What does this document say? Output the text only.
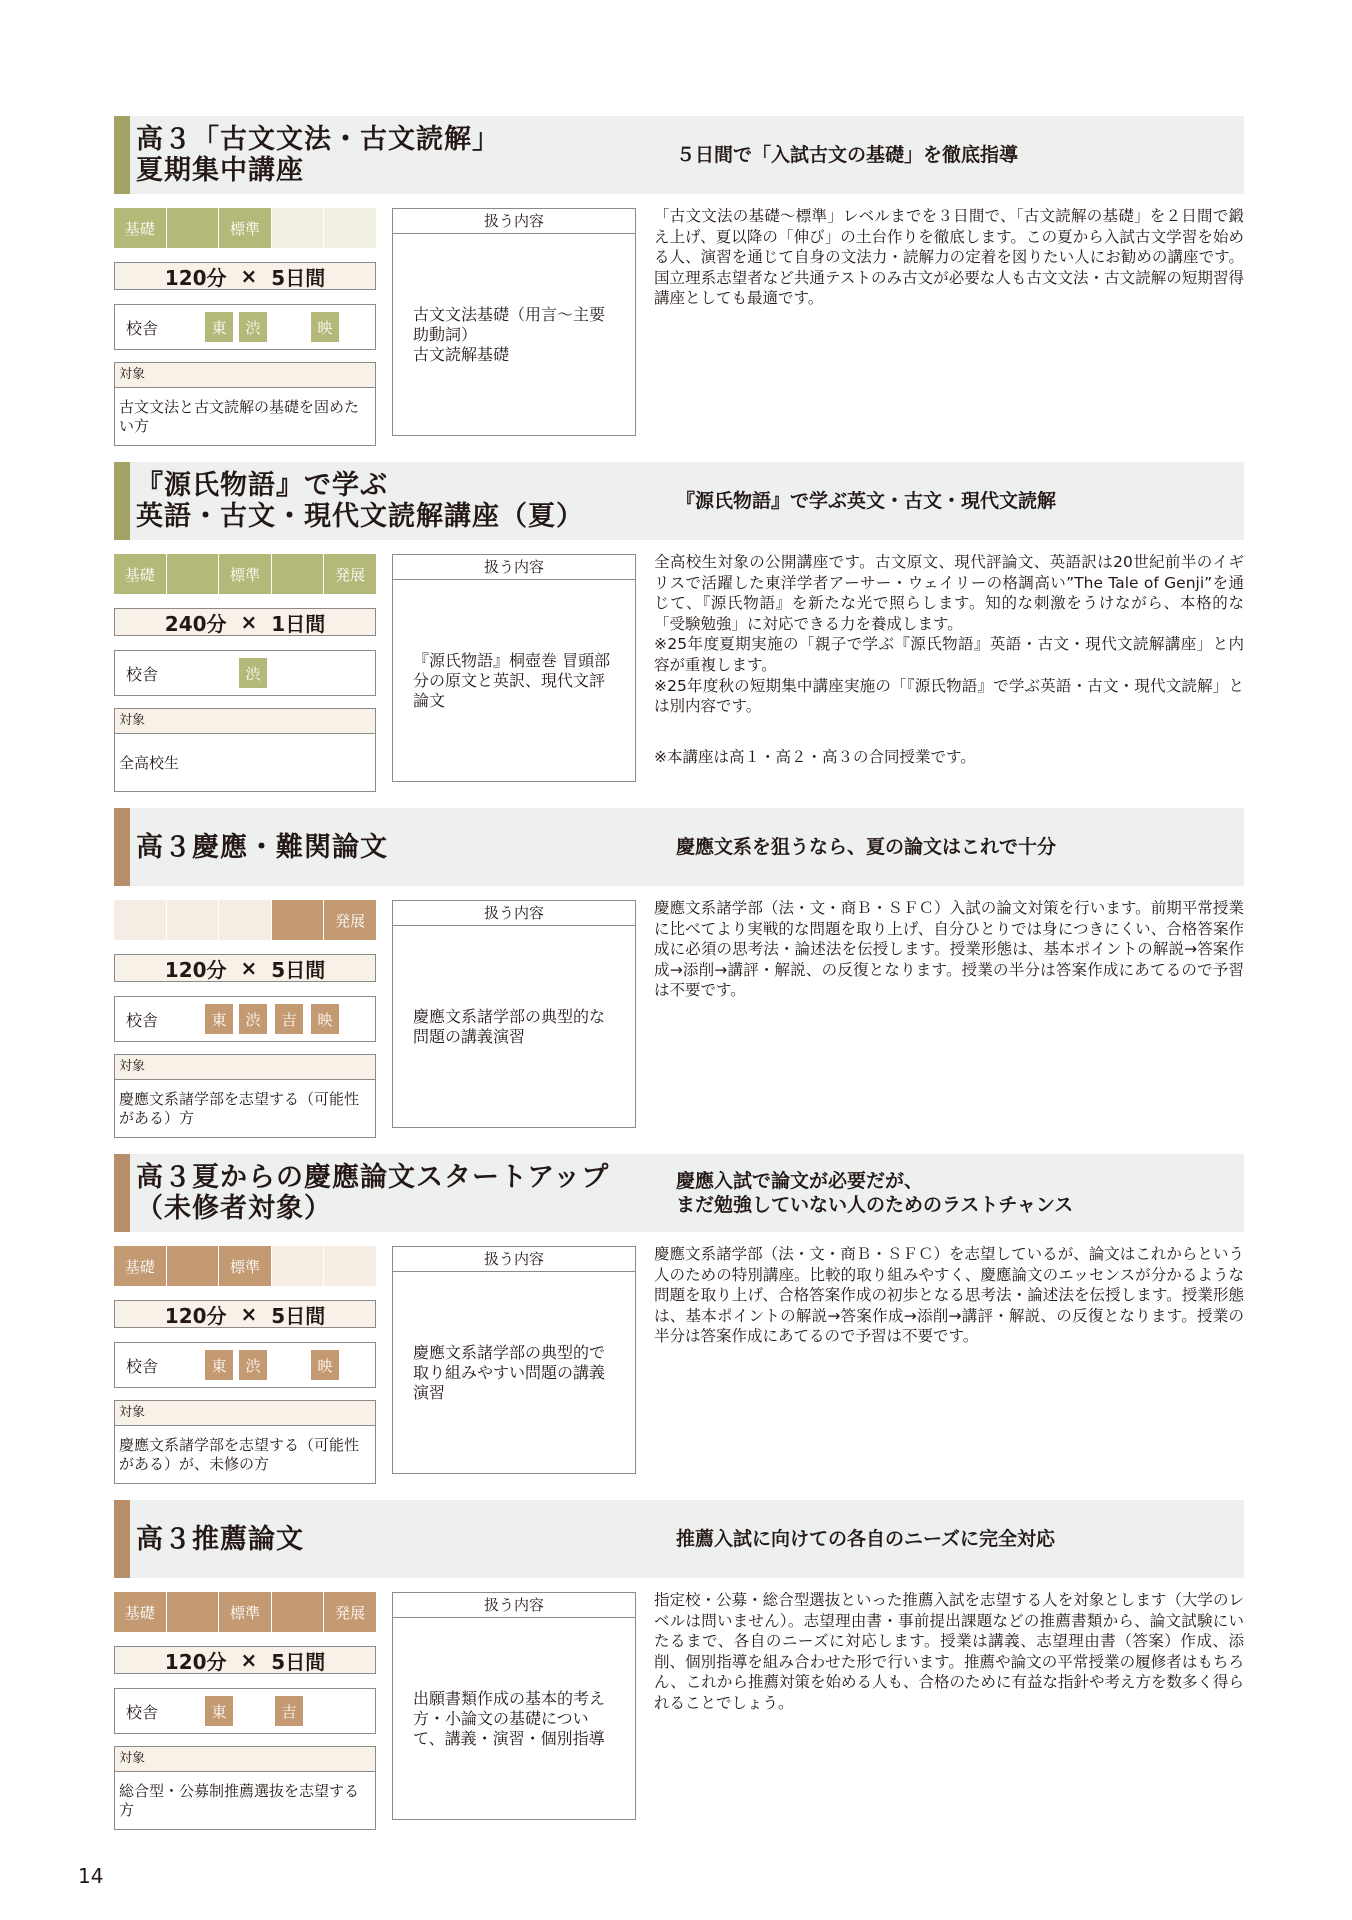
高３「古文文法・古文読解」
夏期集中講座	５日間で「入試古文の基礎」を徹底指導
基礎	標準
120分 × 5日間
校舎	東	渋	映
対象
古文文法と古文読解の基礎を固めたい方
扱う内容
古文文法基礎（用言～主要助動詞）
古文読解基礎

「古文文法の基礎～標準」レベルまでを３日間で、「古文読解の基礎」を２日間で鍛え上げ、夏以降の「伸び」の土台作りを徹底します。この夏から入試古文学習を始める人、演習を通じて自身の文法力・読解力の定着を図りたい人にお勧めの講座です。国立理系志望者など共通テストのみ古文が必要な人も古文文法・古文読解の短期習得講座としても最適です。

『源氏物語』で学ぶ
英語・古文・現代文読解講座（夏）	『源氏物語』で学ぶ英文・古文・現代文読解
基礎	標準	発展
240分 × 1日間
校舎	渋
対象
全高校生
扱う内容
『源氏物語』桐壺巻 冒頭部分の原文と英訳、現代文評論文

全高校生対象の公開講座です。古文原文、現代評論文、英語訳は20世紀前半のイギリスで活躍した東洋学者アーサー・ウェイリーの格調高い”The Tale of Genji”を通じて、『源氏物語』を新たな光で照らします。知的な刺激をうけながら、本格的な「受験勉強」に対応できる力を養成します。
※25年度夏期実施の「親子で学ぶ『源氏物語』英語・古文・現代文読解講座」と内容が重複します。
※25年度秋の短期集中講座実施の「『源氏物語』で学ぶ英語・古文・現代文読解」とは別内容です。

※本講座は高１・高２・高３の合同授業です。

高３慶應・難関論文	慶應文系を狙うなら、夏の論文はこれで十分
発展
120分 × 5日間
校舎	東	渋	吉	映
対象
慶應文系諸学部を志望する（可能性がある）方
扱う内容
慶應文系諸学部の典型的な問題の講義演習

慶應文系諸学部（法・文・商Ｂ・ＳＦＣ）入試の論文対策を行います。前期平常授業に比べてより実戦的な問題を取り上げ、自分ひとりでは身につきにくい、合格答案作成に必須の思考法・論述法を伝授します。授業形態は、基本ポイントの解説→答案作成→添削→講評・解説、の反復となります。授業の半分は答案作成にあてるので予習は不要です。

高３夏からの慶應論文スタートアップ
（未修者対象）
慶應入試で論文が必要だが、
まだ勉強していない人のためのラストチャンス
基礎	標準
120分 × 5日間
校舎	東	渋	映
対象
慶應文系諸学部を志望する（可能性がある）が、未修の方
扱う内容
慶應文系諸学部の典型的で取り組みやすい問題の講義演習

慶應文系諸学部（法・文・商Ｂ・ＳＦＣ）を志望しているが、論文はこれからという人のための特別講座。比較的取り組みやすく、慶應論文のエッセンスが分かるような問題を取り上げ、合格答案作成の初歩となる思考法・論述法を伝授します。授業形態は、基本ポイントの解説→答案作成→添削→講評・解説、の反復となります。授業の半分は答案作成にあてるので予習は不要です。

高３推薦論文	推薦入試に向けての各自のニーズに完全対応
基礎	標準	発展
120分 × 5日間
校舎	東	吉
対象
総合型・公募制推薦選抜を志望する方
扱う内容
出願書類作成の基本的考え方・小論文の基礎について、講義・演習・個別指導

指定校・公募・総合型選抜といった推薦入試を志望する人を対象とします（大学のレベルは問いません）。志望理由書・事前提出課題などの推薦書類から、論文試験にいたるまで、各自のニーズに対応します。授業は講義、志望理由書（答案）作成、添削、個別指導を組み合わせた形で行います。推薦や論文の平常授業の履修者はもちろん、これから推薦対策を始める人も、合格のために有益な指針や考え方を数多く得られることでしょう。

14
